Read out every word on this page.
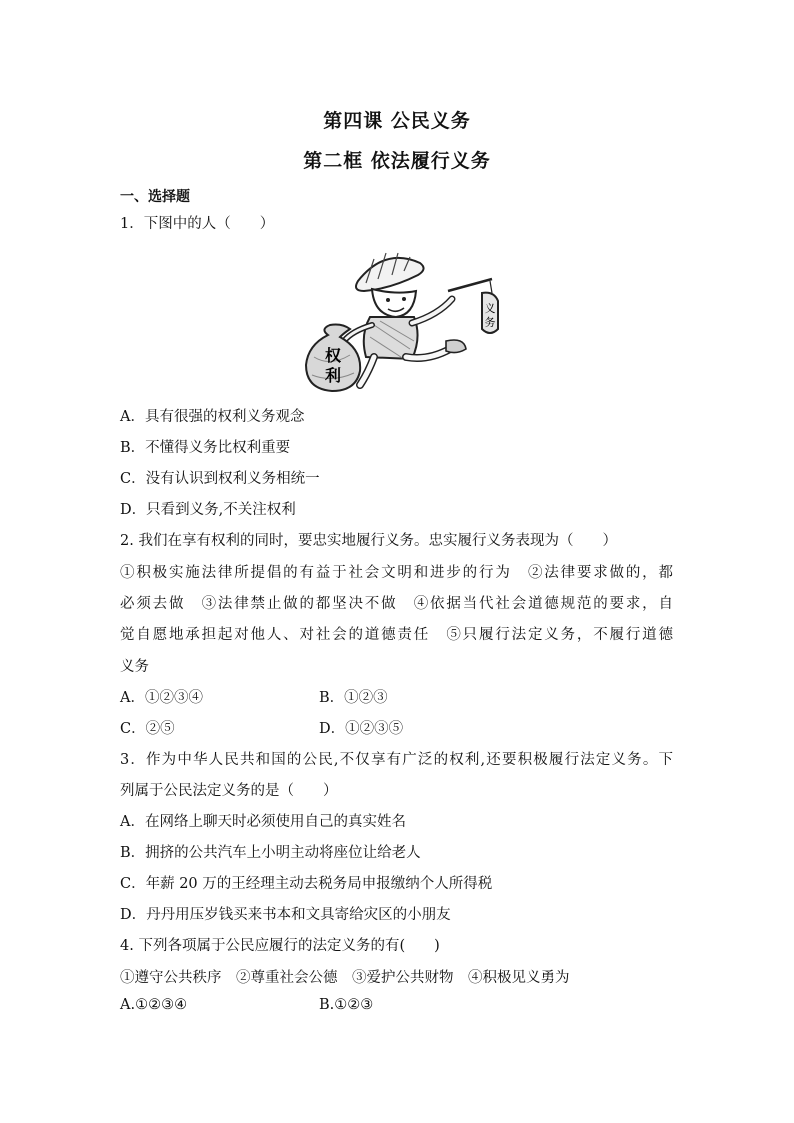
第四课 公民义务
第二框 依法履行义务
一、选择题
1．下图中的人（　　）
义
务
权
利
A．具有很强的权利义务观念
B．不懂得义务比权利重要
C．没有认识到权利义务相统一
D．只看到义务,不关注权利
2. 我们在享有权利的同时，要忠实地履行义务。忠实履行义务表现为（　　）
①积极实施法律所提倡的有益于社会文明和进步的行为　②法律要求做的，都
必须去做　③法律禁止做的都坚决不做　④依据当代社会道德规范的要求，自
觉自愿地承担起对他人、对社会的道德责任　⑤只履行法定义务，不履行道德
义务
A．①②③④	B．①②③
C．②⑤	D．①②③⑤
3．作为中华人民共和国的公民,不仅享有广泛的权利,还要积极履行法定义务。下
列属于公民法定义务的是（　　）
A．在网络上聊天时必须使用自己的真实姓名
B．拥挤的公共汽车上小明主动将座位让给老人
C．年薪 20 万的王经理主动去税务局申报缴纳个人所得税
D．丹丹用压岁钱买来书本和文具寄给灾区的小朋友
4. 下列各项属于公民应履行的法定义务的有(　　)
①遵守公共秩序　②尊重社会公德　③爱护公共财物　④积极见义勇为
A.①②③④	B.①②③
